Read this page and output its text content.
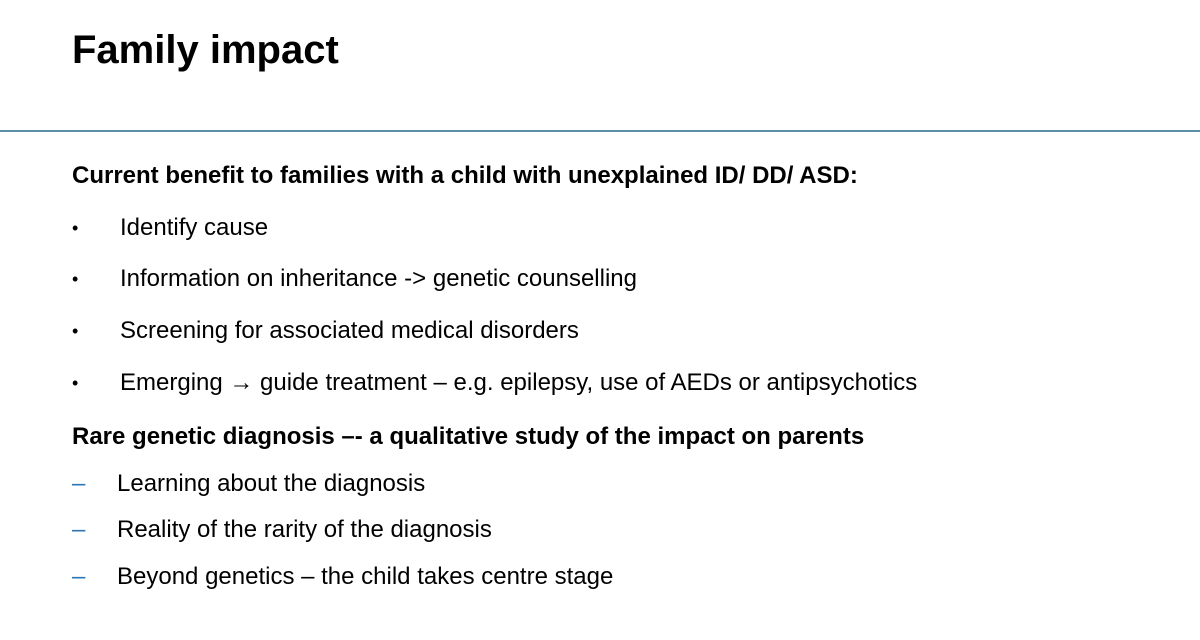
Family impact
Current benefit to families with a child with unexplained ID/ DD/ ASD:
•	Identify cause
•	Information on inheritance -> genetic counselling
•	Screening for associated medical disorders
•	Emerging → guide treatment – e.g. epilepsy, use of AEDs or antipsychotics
Rare genetic diagnosis –- a qualitative study of the impact on parents
– Learning about the diagnosis
– Reality of the rarity of the diagnosis
– Beyond genetics – the child takes centre stage
